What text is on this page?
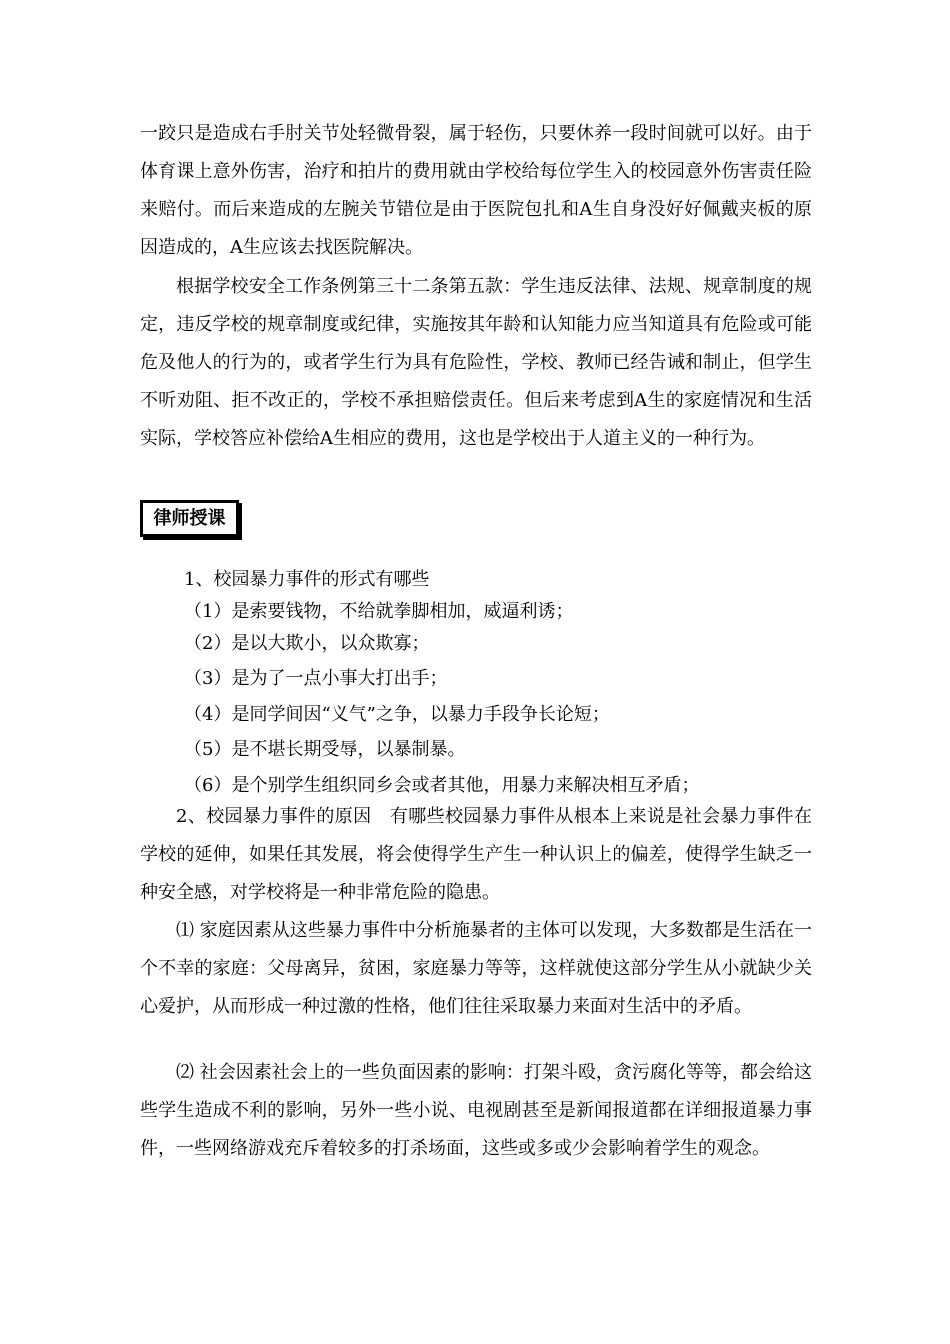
一跤只是造成右手肘关节处轻微骨裂，属于轻伤，只要休养一段时间就可以好。由于体育课上意外伤害，治疗和拍片的费用就由学校给每位学生入的校园意外伤害责任险来赔付。而后来造成的左腕关节错位是由于医院包扎和A生自身没好好佩戴夹板的原因造成的，A生应该去找医院解决。

根据学校安全工作条例第三十二条第五款：学生违反法律、法规、规章制度的规定，违反学校的规章制度或纪律，实施按其年龄和认知能力应当知道具有危险或可能危及他人的行为的，或者学生行为具有危险性，学校、教师已经告诫和制止，但学生不听劝阻、拒不改正的，学校不承担赔偿责任。但后来考虑到A生的家庭情况和生活实际，学校答应补偿给A生相应的费用，这也是学校出于人道主义的一种行为。

律师授课

1、校园暴力事件的形式有哪些

（1）是索要钱物，不给就拳脚相加，威逼利诱；

（2）是以大欺小，以众欺寡；

（3）是为了一点小事大打出手；

（4）是同学间因“义气”之争，以暴力手段争长论短；

（5）是不堪长期受辱，以暴制暴。

（6）是个别学生组织同乡会或者其他，用暴力来解决相互矛盾；

2、校园暴力事件的原因　有哪些校园暴力事件从根本上来说是社会暴力事件在学校的延伸，如果任其发展，将会使得学生产生一种认识上的偏差，使得学生缺乏一种安全感，对学校将是一种非常危险的隐患。

⑴ 家庭因素从这些暴力事件中分析施暴者的主体可以发现，大多数都是生活在一个不幸的家庭：父母离异，贫困，家庭暴力等等，这样就使这部分学生从小就缺少关心爱护，从而形成一种过激的性格，他们往往采取暴力来面对生活中的矛盾。

⑵ 社会因素社会上的一些负面因素的影响：打架斗殴，贪污腐化等等，都会给这些学生造成不利的影响，另外一些小说、电视剧甚至是新闻报道都在详细报道暴力事件，一些网络游戏充斥着较多的打杀场面，这些或多或少会影响着学生的观念。
